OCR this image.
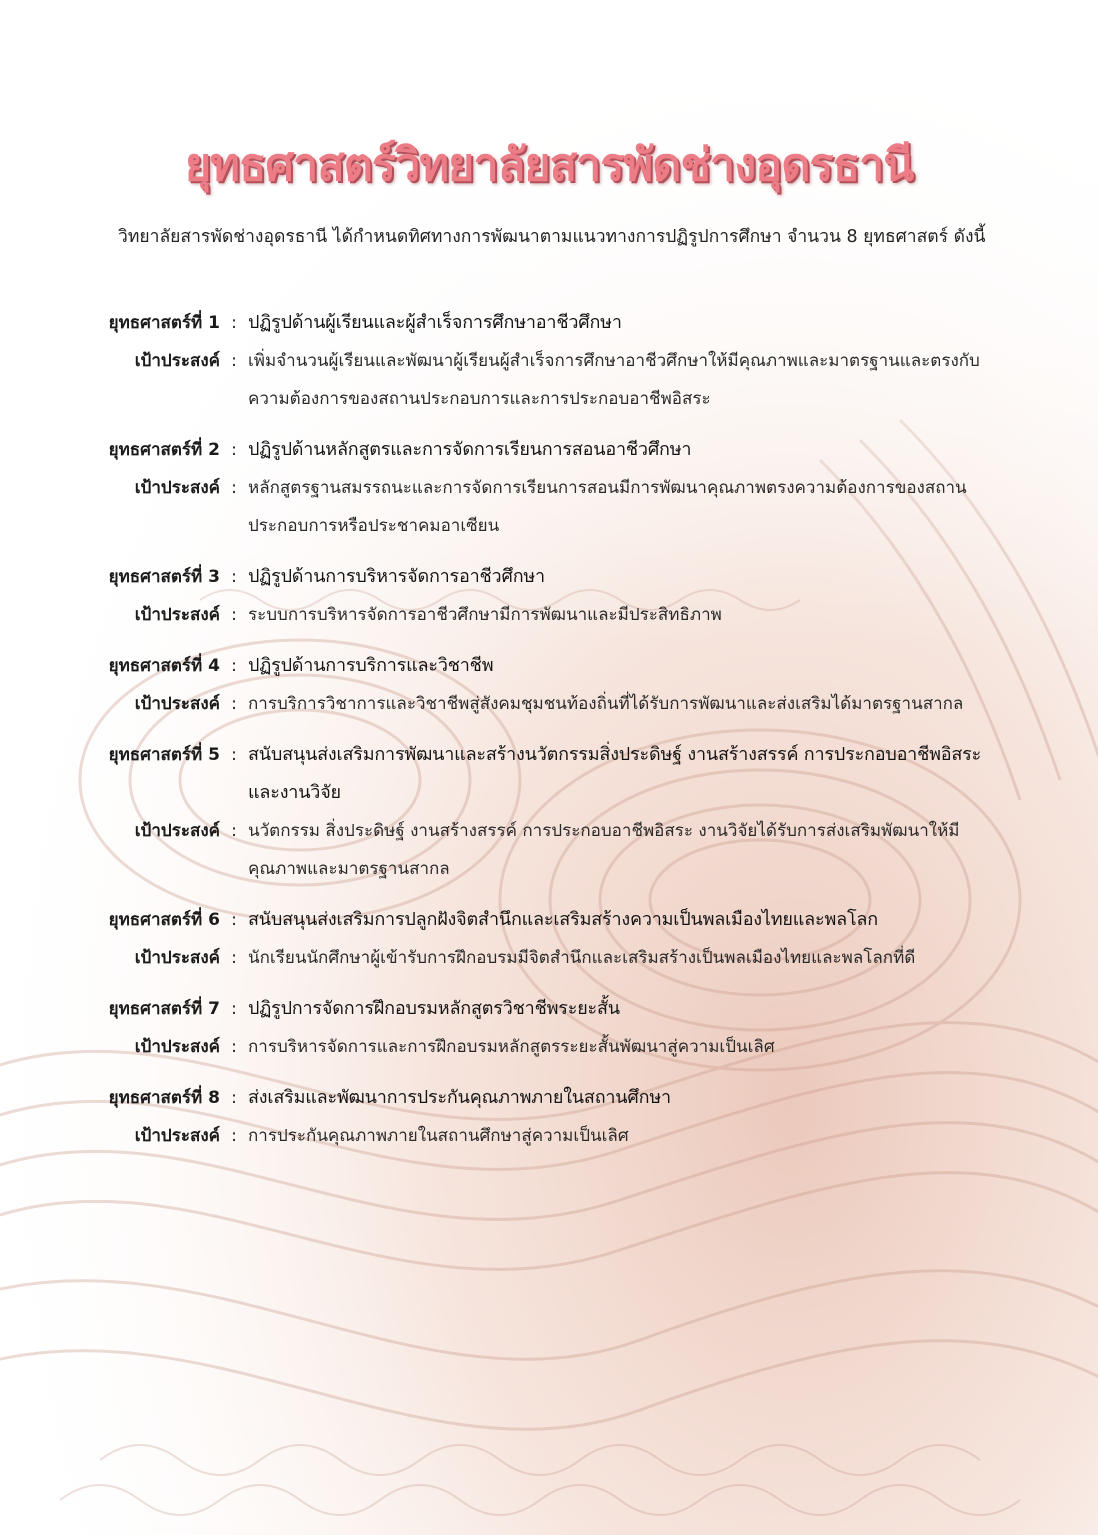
ยุทธศาสตร์วิทยาลัยสารพัดช่างอุดรธานี
วิทยาลัยสารพัดช่างอุดรธานี ได้กำหนดทิศทางการพัฒนาตามแนวทางการปฏิรูปการศึกษา จำนวน 8 ยุทธศาสตร์ ดังนี้
ยุทธศาสตร์ที่ 1 : ปฏิรูปด้านผู้เรียนและผู้สำเร็จการศึกษาอาชีวศึกษา
เป้าประสงค์ : เพิ่มจำนวนผู้เรียนและพัฒนาผู้เรียนผู้สำเร็จการศึกษาอาชีวศึกษาให้มีคุณภาพและมาตรฐานและตรงกับความต้องการของสถานประกอบการและการประกอบอาชีพอิสระ
ยุทธศาสตร์ที่ 2 : ปฏิรูปด้านหลักสูตรและการจัดการเรียนการสอนอาชีวศึกษา
เป้าประสงค์ : หลักสูตรฐานสมรรถนะและการจัดการเรียนการสอนมีการพัฒนาคุณภาพตรงความต้องการของสถานประกอบการหรือประชาคมอาเซียน
ยุทธศาสตร์ที่ 3 : ปฏิรูปด้านการบริหารจัดการอาชีวศึกษา
เป้าประสงค์ : ระบบการบริหารจัดการอาชีวศึกษามีการพัฒนาและมีประสิทธิภาพ
ยุทธศาสตร์ที่ 4 : ปฏิรูปด้านการบริการและวิชาชีพ
เป้าประสงค์ : การบริการวิชาการและวิชาชีพสู่สังคมชุมชนท้องถิ่นที่ได้รับการพัฒนาและส่งเสริมได้มาตรฐานสากล
ยุทธศาสตร์ที่ 5 : สนับสนุนส่งเสริมการพัฒนาและสร้างนวัตกรรมสิ่งประดิษฐ์ งานสร้างสรรค์ การประกอบอาชีพอิสระ และงานวิจัย
เป้าประสงค์ : นวัตกรรม สิ่งประดิษฐ์ งานสร้างสรรค์ การประกอบอาชีพอิสระ งานวิจัยได้รับการส่งเสริมพัฒนาให้มีคุณภาพและมาตรฐานสากล
ยุทธศาสตร์ที่ 6 : สนับสนุนส่งเสริมการปลูกฝังจิตสำนึกและเสริมสร้างความเป็นพลเมืองไทยและพลโลก
เป้าประสงค์ : นักเรียนนักศึกษาผู้เข้ารับการฝึกอบรมมีจิตสำนึกและเสริมสร้างเป็นพลเมืองไทยและพลโลกที่ดี
ยุทธศาสตร์ที่ 7 : ปฏิรูปการจัดการฝึกอบรมหลักสูตรวิชาชีพระยะสั้น
เป้าประสงค์ : การบริหารจัดการและการฝึกอบรมหลักสูตรระยะสั้นพัฒนาสู่ความเป็นเลิศ
ยุทธศาสตร์ที่ 8 : ส่งเสริมและพัฒนาการประกันคุณภาพภายในสถานศึกษา
เป้าประสงค์ : การประกันคุณภาพภายในสถานศึกษาสู่ความเป็นเลิศ
